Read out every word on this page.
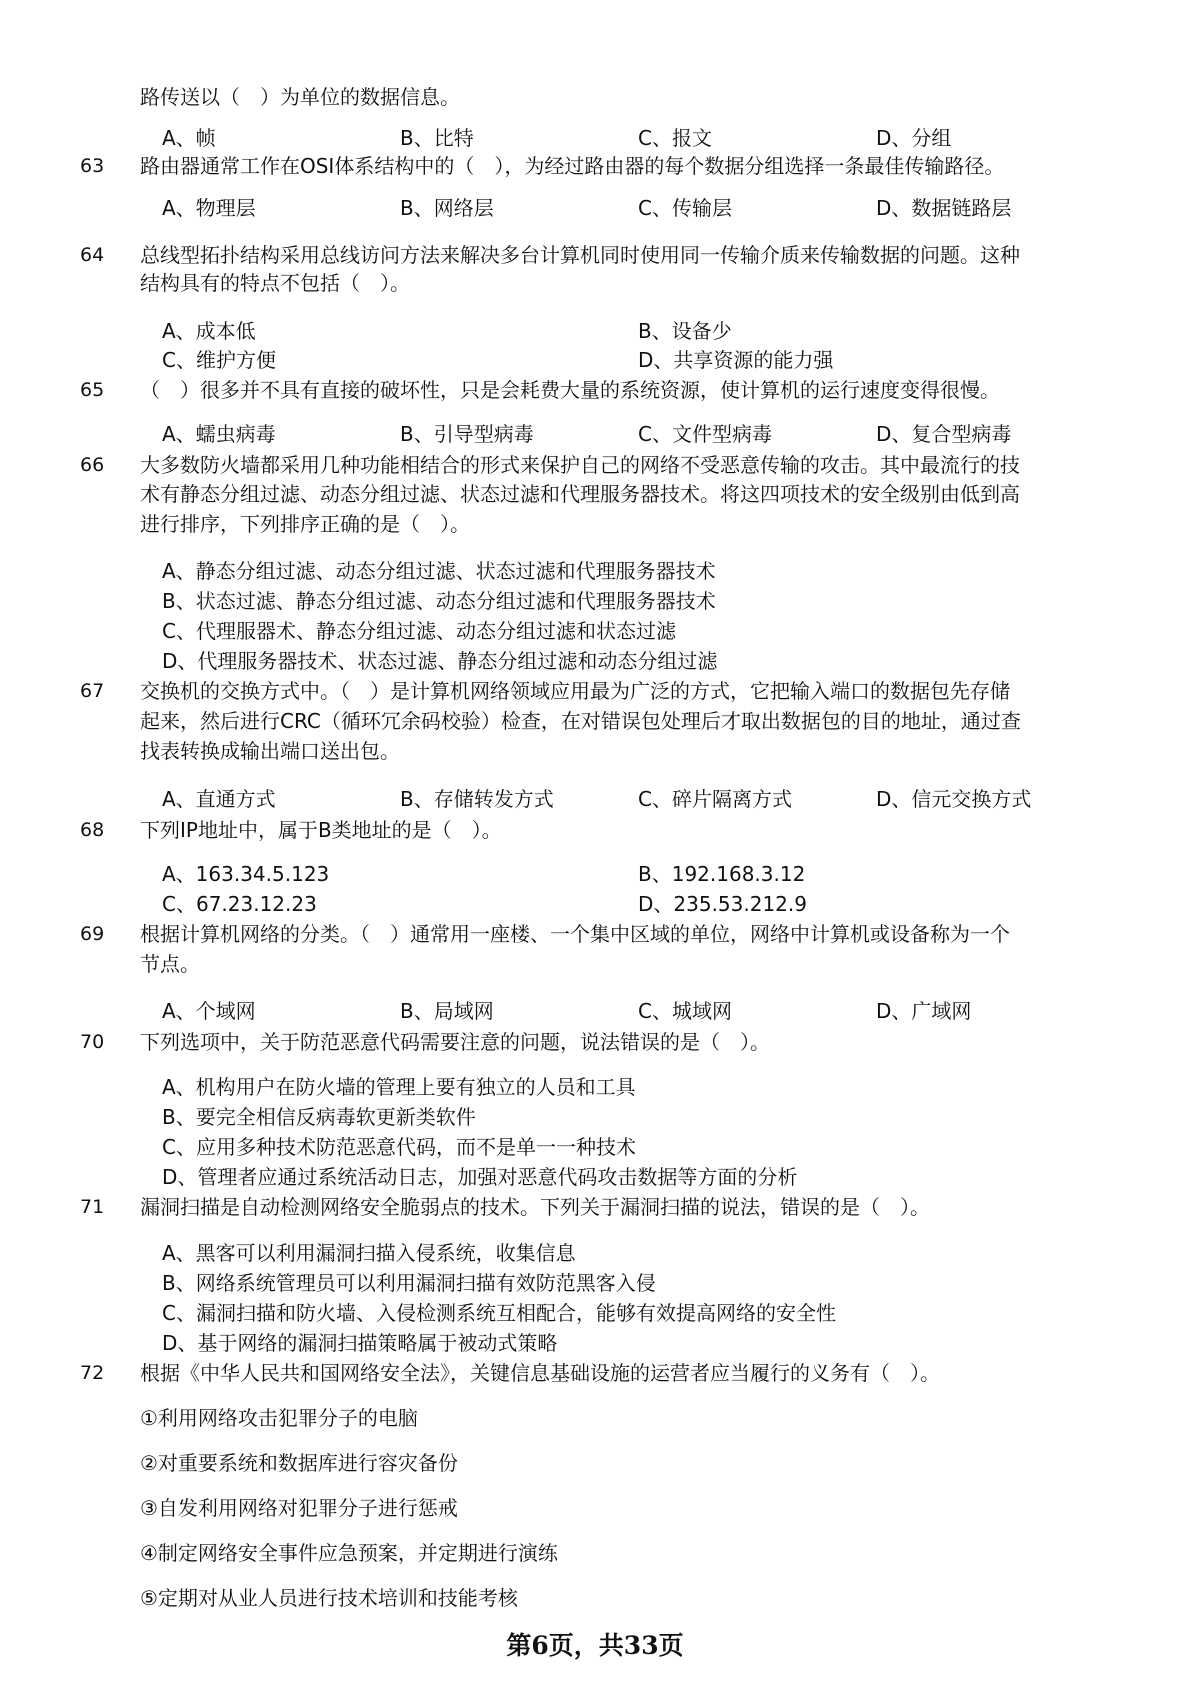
路传送以（　）为单位的数据信息。
A、帧	B、比特	C、报文	D、分组
63	路由器通常工作在OSI体系结构中的（　），为经过路由器的每个数据分组选择一条最佳传输路径。
A、物理层	B、网络层	C、传输层	D、数据链路层
64	总线型拓扑结构采用总线访问方法来解决多台计算机同时使用同一传输介质来传输数据的问题。这种
结构具有的特点不包括（　）。
A、成本低	B、设备少
C、维护方便	D、共享资源的能力强
65	（　）很多并不具有直接的破坏性，只是会耗费大量的系统资源，使计算机的运行速度变得很慢。
A、蠕虫病毒	B、引导型病毒	C、文件型病毒	D、复合型病毒
66	大多数防火墙都采用几种功能相结合的形式来保护自己的网络不受恶意传输的攻击。其中最流行的技
术有静态分组过滤、动态分组过滤、状态过滤和代理服务器技术。将这四项技术的安全级别由低到高
进行排序，下列排序正确的是（　）。
A、静态分组过滤、动态分组过滤、状态过滤和代理服务器技术
B、状态过滤、静态分组过滤、动态分组过滤和代理服务器技术
C、代理服器术、静态分组过滤、动态分组过滤和状态过滤
D、代理服务器技术、状态过滤、静态分组过滤和动态分组过滤
67	交换机的交换方式中。（　）是计算机网络领域应用最为广泛的方式，它把输入端口的数据包先存储
起来，然后进行CRC（循环冗余码校验）检查，在对错误包处理后才取出数据包的目的地址，通过查
找表转换成输出端口送出包。
A、直通方式	B、存储转发方式	C、碎片隔离方式	D、信元交换方式
68	下列IP地址中，属于B类地址的是（　）。
A、163.34.5.123	B、192.168.3.12
C、67.23.12.23	D、235.53.212.9
69	根据计算机网络的分类。（　）通常用一座楼、一个集中区域的单位，网络中计算机或设备称为一个
节点。
A、个域网	B、局域网	C、城域网	D、广域网
70	下列选项中，关于防范恶意代码需要注意的问题，说法错误的是（　）。
A、机构用户在防火墙的管理上要有独立的人员和工具
B、要完全相信反病毒软更新类软件
C、应用多种技术防范恶意代码，而不是单一一种技术
D、管理者应通过系统活动日志，加强对恶意代码攻击数据等方面的分析
71	漏洞扫描是自动检测网络安全脆弱点的技术。下列关于漏洞扫描的说法，错误的是（　）。
A、黑客可以利用漏洞扫描入侵系统，收集信息
B、网络系统管理员可以利用漏洞扫描有效防范黑客入侵
C、漏洞扫描和防火墙、入侵检测系统互相配合，能够有效提高网络的安全性
D、基于网络的漏洞扫描策略属于被动式策略
72	根据《中华人民共和国网络安全法》，关键信息基础设施的运营者应当履行的义务有（　）。
①利用网络攻击犯罪分子的电脑
②对重要系统和数据库进行容灾备份
③自发利用网络对犯罪分子进行惩戒
④制定网络安全事件应急预案，并定期进行演练
⑤定期对从业人员进行技术培训和技能考核
第6页，共33页
